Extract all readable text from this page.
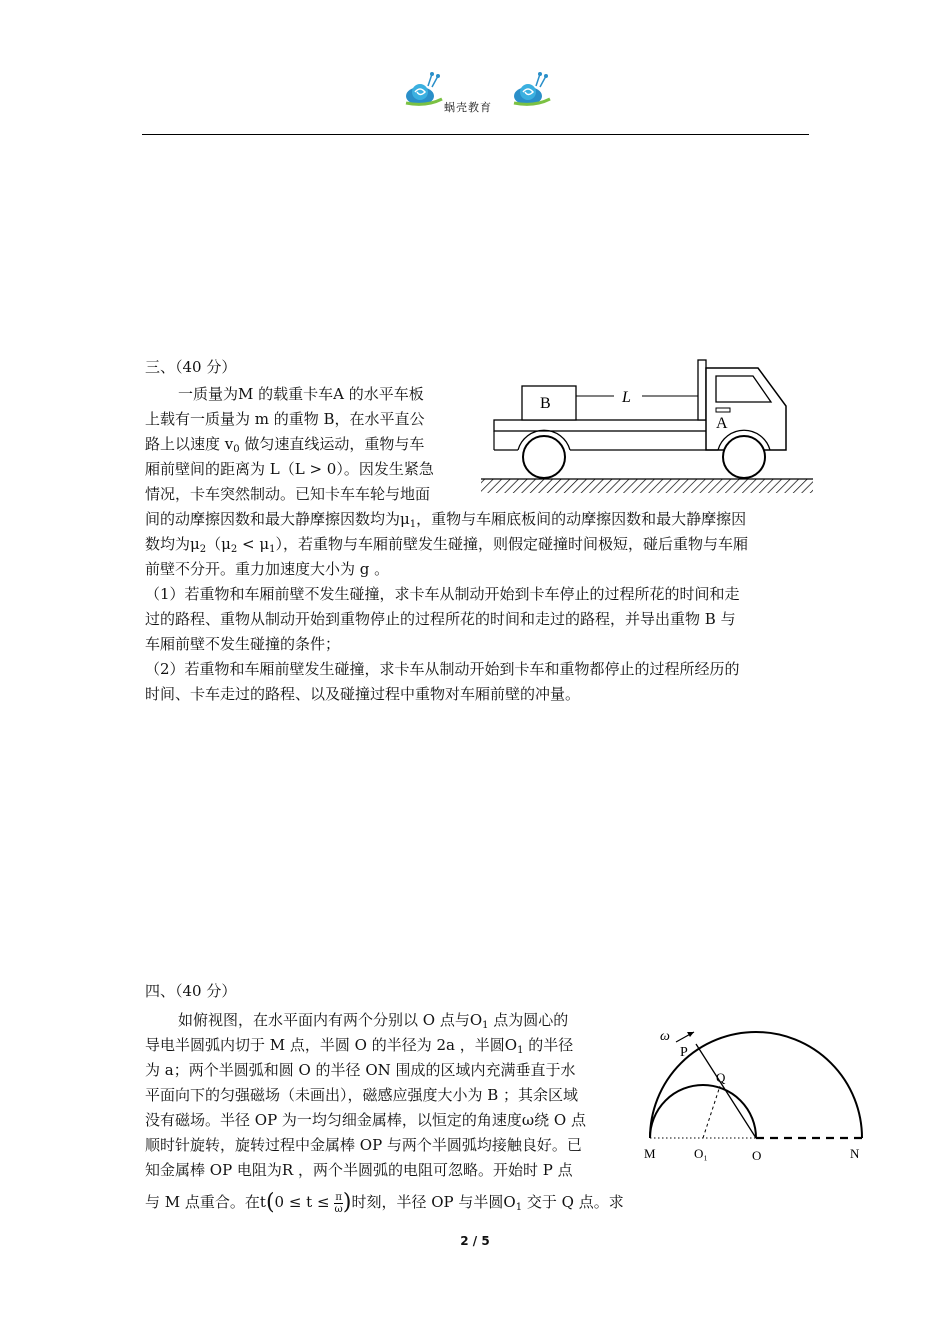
蜗壳教育
三、（40 分）
一质量为M 的载重卡车A 的水平车板
上载有一质量为 m 的重物 B，在水平直公
路上以速度 $v_0$ 做匀速直线运动，重物与车
厢前壁间的距离为 L（L > 0）。因发生紧急
情况，卡车突然制动。已知卡车车轮与地面
间的动摩擦因数和最大静摩擦因数均为$\mu_1$，重物与车厢底板间的动摩擦因数和最大静摩擦因
数均为$\mu_2(\mu_2 < \mu_1)$，若重物与车厢前壁发生碰撞，则假定碰撞时间极短，碰后重物与车厢
前壁不分开。重力加速度大小为 g 。
（1）若重物和车厢前壁不发生碰撞，求卡车从制动开始到卡车停止的过程所花的时间和走
过的路程、重物从制动开始到重物停止的过程所花的时间和走过的路程，并导出重物 B 与
车厢前壁不发生碰撞的条件；
（2）若重物和车厢前壁发生碰撞，求卡车从制动开始到卡车和重物都停止的过程所经历的
时间、卡车走过的路程、以及碰撞过程中重物对车厢前壁的冲量。
B	L
A
四、（40 分）
如俯视图，在水平面内有两个分别以 O 点与$O_1$ 点为圆心的
导电半圆弧内切于 M 点，半圆 O 的半径为 2a ，半圆$O_1$ 的半径
为 a；两个半圆弧和圆 O 的半径 ON 围成的区域内充满垂直于水
平面向下的匀强磁场（未画出），磁感应强度大小为 B ；其余区域
没有磁场。半径 OP 为一均匀细金属棒，以恒定的角速度ω绕 O 点
顺时针旋转，旋转过程中金属棒 OP 与两个半圆弧均接触良好。已
知金属棒 OP 电阻为R ，两个半圆弧的电阻可忽略。开始时 P 点
与 M 点重合。在$t(0 \le t \le \frac{\pi}{\omega}$ )时刻，半径 OP 与半圆$O_1$ 交于 Q 点。求
ω
P
Q
M	O₁	O	N
2 / 5
